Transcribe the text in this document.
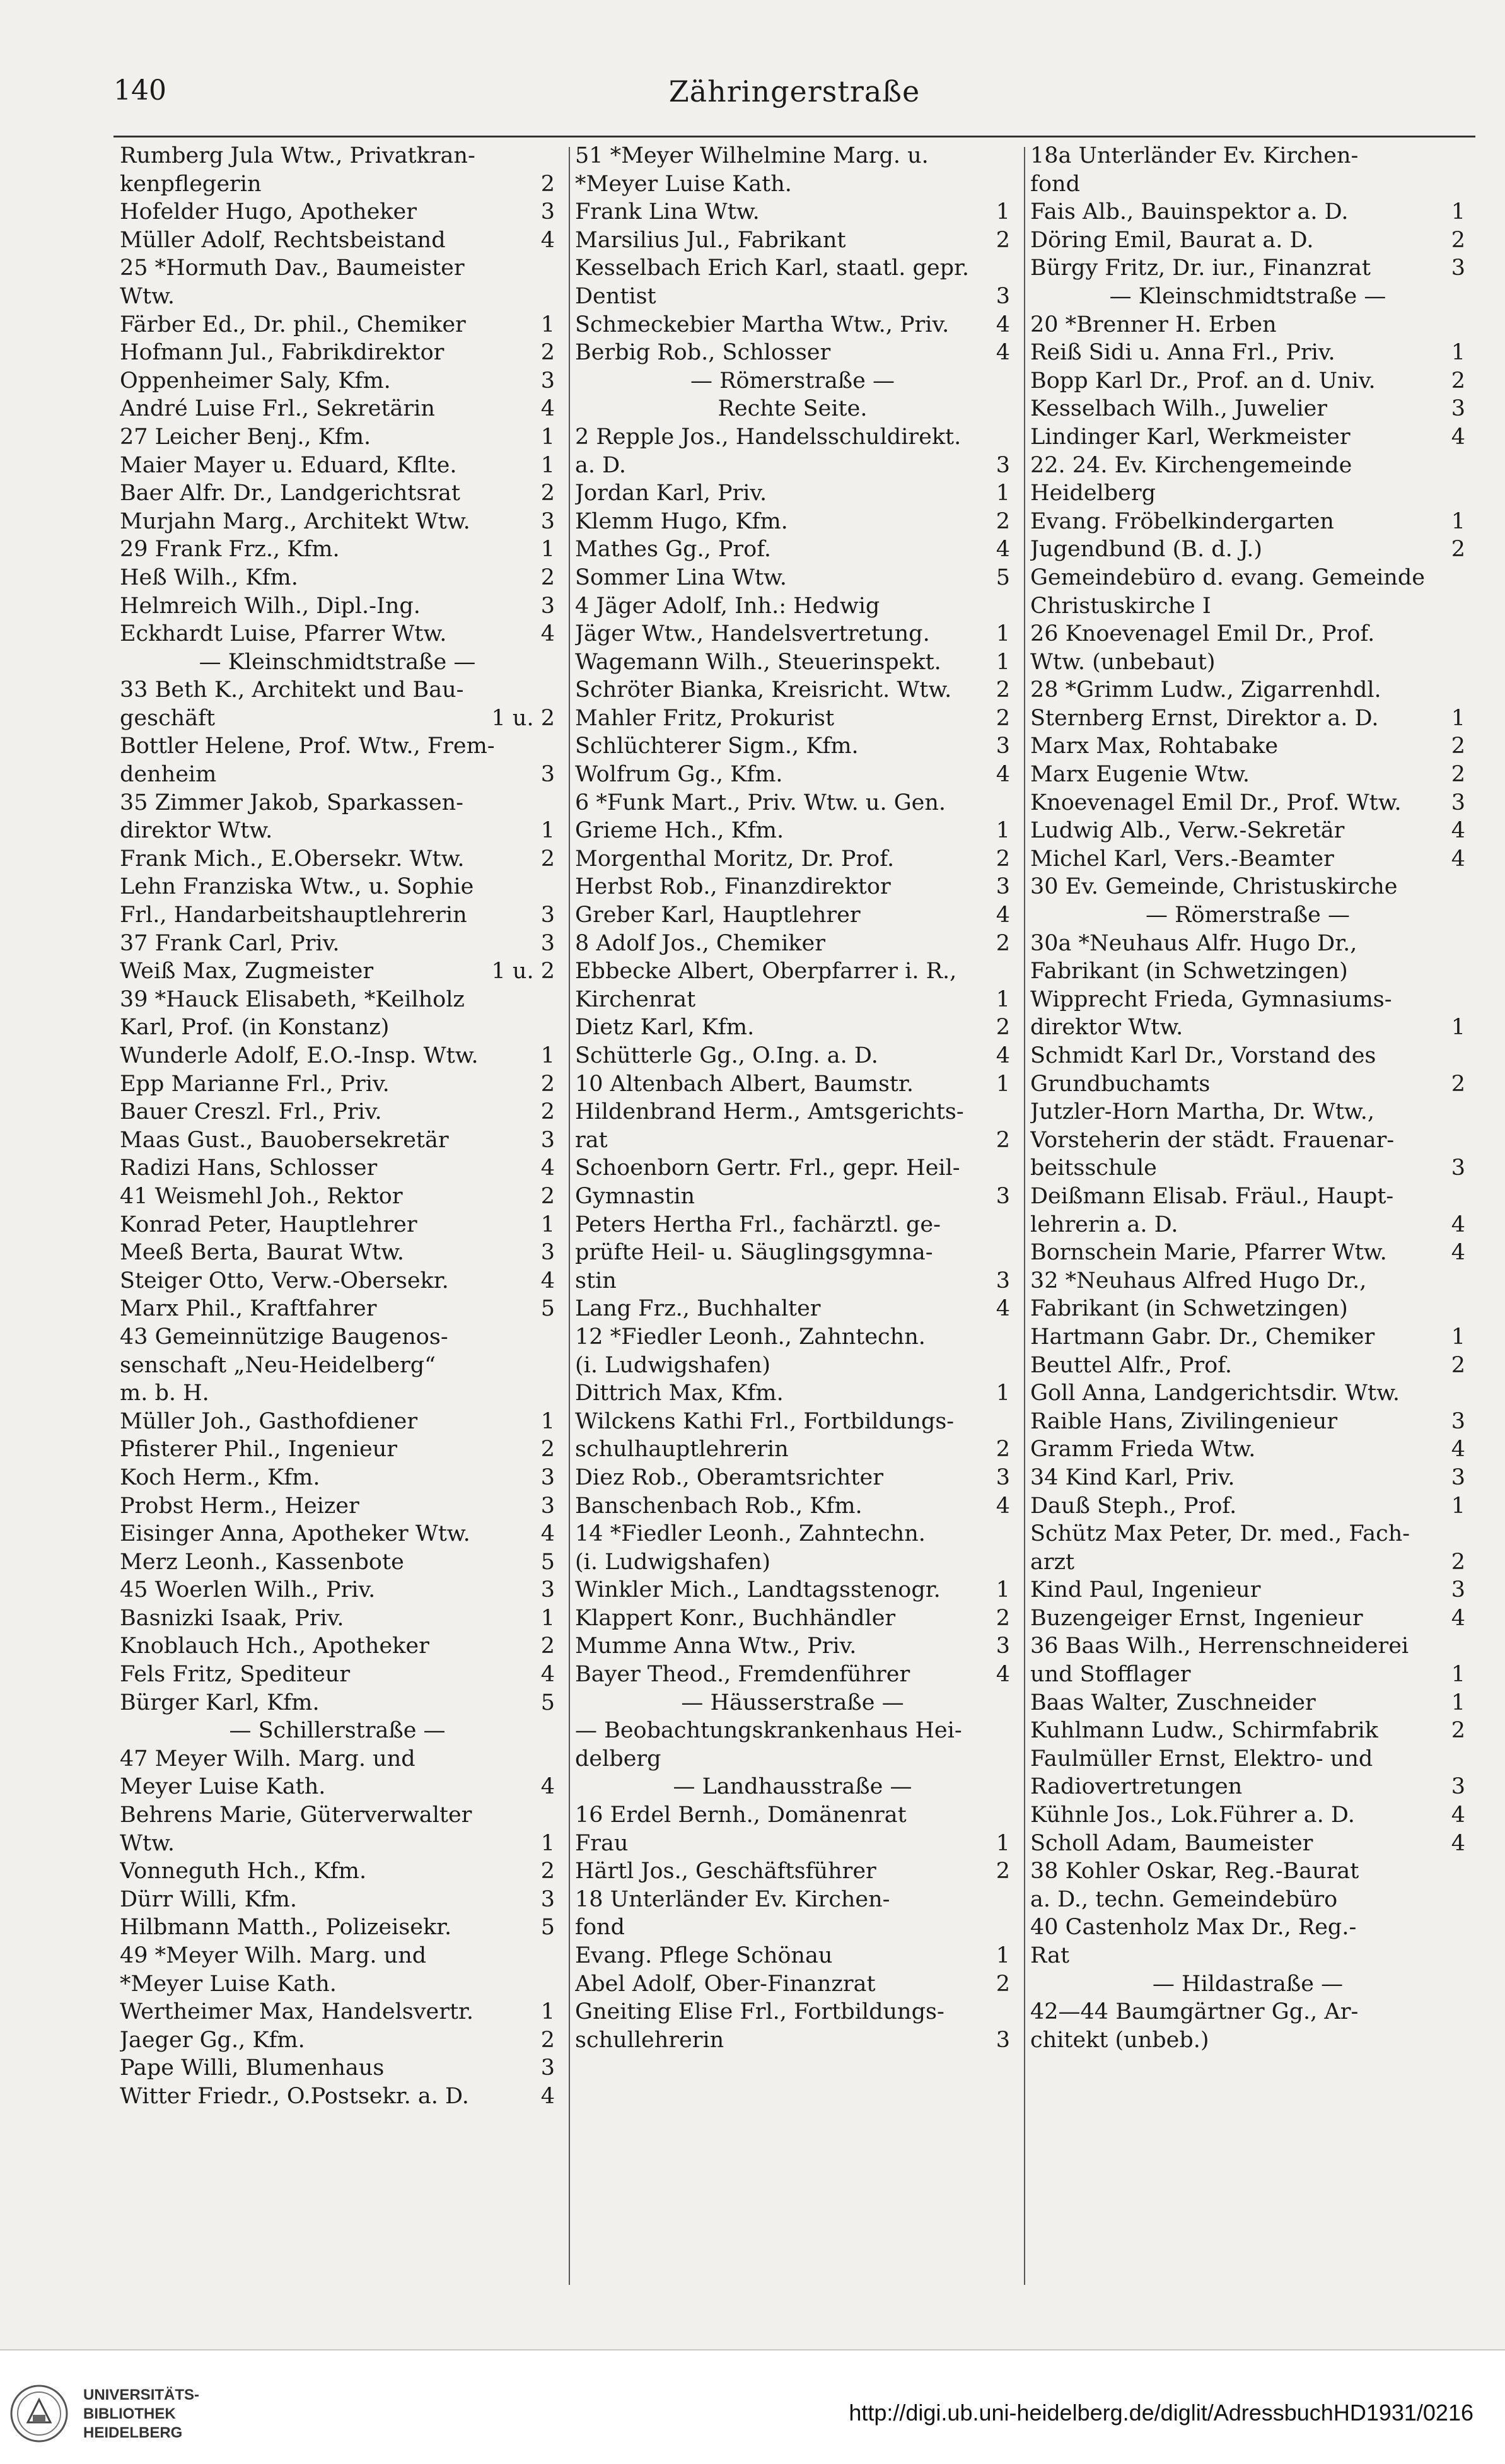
140	Zähringerstraße
Rumberg Jula Wtw., Privatkran-
kenpflegerin	2
Hofelder Hugo, Apotheker	3
Müller Adolf, Rechtsbeistand	4
25 *Hormuth Dav., Baumeister
Wtw.
Färber Ed., Dr. phil., Chemiker	1
Hofmann Jul., Fabrikdirektor	2
Oppenheimer Saly, Kfm.	3
André Luise Frl., Sekretärin	4
27 Leicher Benj., Kfm.	1
Maier Mayer u. Eduard, Kflte.	1
Baer Alfr. Dr., Landgerichtsrat	2
Murjahn Marg., Architekt Wtw.	3
29 Frank Frz., Kfm.	1
Heß Wilh., Kfm.	2
Helmreich Wilh., Dipl.-Ing.	3
Eckhardt Luise, Pfarrer Wtw.	4
— Kleinschmidtstraße —
33 Beth K., Architekt und Bau-
geschäft	1 u. 2
Bottler Helene, Prof. Wtw., Frem-
denheim	3
35 Zimmer Jakob, Sparkassen-
direktor Wtw.	1
Frank Mich., E.Obersekr. Wtw.	2
Lehn Franziska Wtw., u. Sophie
Frl., Handarbeitshauptlehrerin	3
37 Frank Carl, Priv.	3
Weiß Max, Zugmeister	1 u. 2
39 *Hauck Elisabeth, *Keilholz
Karl, Prof. (in Konstanz)
Wunderle Adolf, E.O.-Insp. Wtw.	1
Epp Marianne Frl., Priv.	2
Bauer Creszl. Frl., Priv.	2
Maas Gust., Bauobersekretär	3
Radizi Hans, Schlosser	4
41 Weismehl Joh., Rektor	2
Konrad Peter, Hauptlehrer	1
Meeß Berta, Baurat Wtw.	3
Steiger Otto, Verw.-Obersekr.	4
Marx Phil., Kraftfahrer	5
43 Gemeinnützige Baugenos-
senschaft „Neu-Heidelberg“
m. b. H.
Müller Joh., Gasthofdiener	1
Pfisterer Phil., Ingenieur	2
Koch Herm., Kfm.	3
Probst Herm., Heizer	3
Eisinger Anna, Apotheker Wtw.	4
Merz Leonh., Kassenbote	5
45 Woerlen Wilh., Priv.	3
Basnizki Isaak, Priv.	1
Knoblauch Hch., Apotheker	2
Fels Fritz, Spediteur	4
Bürger Karl, Kfm.	5
— Schillerstraße —
47 Meyer Wilh. Marg. und
Meyer Luise Kath.	4
Behrens Marie, Güterverwalter
Wtw.	1
Vonneguth Hch., Kfm.	2
Dürr Willi, Kfm.	3
Hilbmann Matth., Polizeisekr.	5
49 *Meyer Wilh. Marg. und
*Meyer Luise Kath.
Wertheimer Max, Handelsvertr.	1
Jaeger Gg., Kfm.	2
Pape Willi, Blumenhaus	3
Witter Friedr., O.Postsekr. a. D.	4
51 *Meyer Wilhelmine Marg. u.
*Meyer Luise Kath.
Frank Lina Wtw.	1
Marsilius Jul., Fabrikant	2
Kesselbach Erich Karl, staatl. gepr.
Dentist	3
Schmeckebier Martha Wtw., Priv. 4
Berbig Rob., Schlosser	4
— Römerstraße —
Rechte Seite.
2 Repple Jos., Handelsschuldirekt.
a. D.	3
Jordan Karl, Priv.	1
Klemm Hugo, Kfm.	2
Mathes Gg., Prof.	4
Sommer Lina Wtw.	5
4 Jäger Adolf, Inh.: Hedwig
Jäger Wtw., Handelsvertretung.	1
Wagemann Wilh., Steuerinspekt. 1
Schröter Bianka, Kreisricht. Wtw. 2
Mahler Fritz, Prokurist	2
Schlüchterer Sigm., Kfm.	3
Wolfrum Gg., Kfm.	4
6 *Funk Mart., Priv. Wtw. u. Gen.
Grieme Hch., Kfm.	1
Morgenthal Moritz, Dr. Prof.	2
Herbst Rob., Finanzdirektor	3
Greber Karl, Hauptlehrer	4
8 Adolf Jos., Chemiker	2
Ebbecke Albert, Oberpfarrer i. R.,
Kirchenrat	1
Dietz Karl, Kfm.	2
Schütterle Gg., O.Ing. a. D.	4
10 Altenbach Albert, Baumstr.	1
Hildenbrand Herm., Amtsgerichts-
rat	2
Schoenborn Gertr. Frl., gepr. Heil-
Gymnastin	3
Peters Hertha Frl., fachärztl. ge-
prüfte Heil- u. Säuglingsgymna-
stin	3
Lang Frz., Buchhalter	4
12 *Fiedler Leonh., Zahntechn.
(i. Ludwigshafen)
Dittrich Max, Kfm.	1
Wilckens Kathi Frl., Fortbildungs-
schulhauptlehrerin	2
Diez Rob., Oberamtsrichter	3
Banschenbach Rob., Kfm.	4
14 *Fiedler Leonh., Zahntechn.
(i. Ludwigshafen)
Winkler Mich., Landtagsstenogr.	1
Klappert Konr., Buchhändler	2
Mumme Anna Wtw., Priv.	3
Bayer Theod., Fremdenführer	4
— Häusserstraße —
— Beobachtungskrankenhaus Hei-
delberg
— Landhausstraße —
16 Erdel Bernh., Domänenrat
Frau	1
Härtl Jos., Geschäftsführer	2
18 Unterländer Ev. Kirchen-
fond
Evang. Pflege Schönau	1
Abel Adolf, Ober-Finanzrat	2
Gneiting Elise Frl., Fortbildungs-
schullehrerin	3
18a Unterländer Ev. Kirchen-
fond
Fais Alb., Bauinspektor a. D.	1
Döring Emil, Baurat a. D.	2
Bürgy Fritz, Dr. iur., Finanzrat	3
— Kleinschmidtstraße —
20 *Brenner H. Erben
Reiß Sidi u. Anna Frl., Priv.	1
Bopp Karl Dr., Prof. an d. Univ.	2
Kesselbach Wilh., Juwelier	3
Lindinger Karl, Werkmeister	4
22. 24. Ev. Kirchengemeinde
Heidelberg
Evang. Fröbelkindergarten	1
Jugendbund (B. d. J.)	2
Gemeindebüro d. evang. Gemeinde
Christuskirche I
26 Knoevenagel Emil Dr., Prof.
Wtw. (unbebaut)
28 *Grimm Ludw., Zigarrenhdl.
Sternberg Ernst, Direktor a. D.	1
Marx Max, Rohtabake	2
Marx Eugenie Wtw.	2
Knoevenagel Emil Dr., Prof. Wtw. 3
Ludwig Alb., Verw.-Sekretär	4
Michel Karl, Vers.-Beamter	4
30 Ev. Gemeinde, Christuskirche
— Römerstraße —
30a *Neuhaus Alfr. Hugo Dr.,
Fabrikant (in Schwetzingen)
Wipprecht Frieda, Gymnasiums-
direktor Wtw.	1
Schmidt Karl Dr., Vorstand des
Grundbuchamts	2
Jutzler-Horn Martha, Dr. Wtw.,
Vorsteherin der städt. Frauenar-
beitsschule	3
Deißmann Elisab. Fräul., Haupt-
lehrerin a. D.	4
Bornschein Marie, Pfarrer Wtw.	4
32 *Neuhaus Alfred Hugo Dr.,
Fabrikant (in Schwetzingen)
Hartmann Gabr. Dr., Chemiker	1
Beuttel Alfr., Prof.	2
Goll Anna, Landgerichtsdir. Wtw.
Raible Hans, Zivilingenieur	3
Gramm Frieda Wtw.	4
34 Kind Karl, Priv.	3
Dauß Steph., Prof.	1
Schütz Max Peter, Dr. med., Fach-
arzt	2
Kind Paul, Ingenieur	3
Buzengeiger Ernst, Ingenieur	4
36 Baas Wilh., Herrenschneiderei
und Stofflager	1
Baas Walter, Zuschneider	1
Kuhlmann Ludw., Schirmfabrik	2
Faulmüller Ernst, Elektro- und
Radiovertretungen	3
Kühnle Jos., Lok.Führer a. D.	4
Scholl Adam, Baumeister	4
38 Kohler Oskar, Reg.-Baurat
a. D., techn. Gemeindebüro
40 Castenholz Max Dr., Reg.-
Rat
— Hildastraße —
42—44 Baumgärtner Gg., Ar-
chitekt (unbeb.)
UNIVERSITÄTS-
BIBLIOTHEK
HEIDELBERG
http://digi.ub.uni-heidelberg.de/diglit/AdressbuchHD1931/0216
